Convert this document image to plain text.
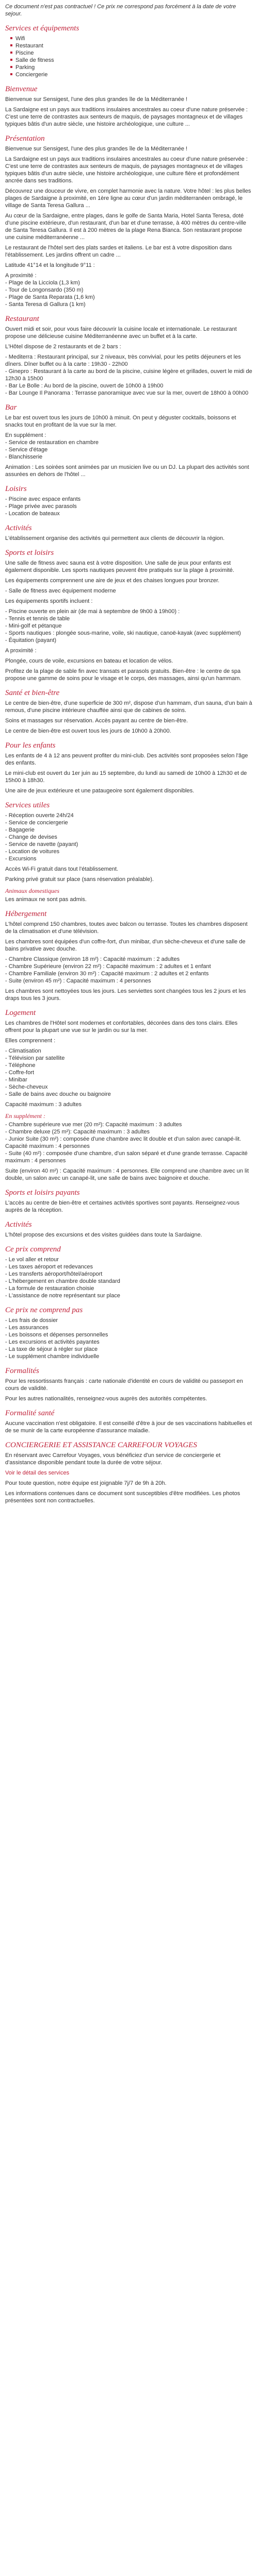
Ce document n'est pas contractuel ! Ce prix ne correspond pas forcément à la date de votre sejour.

Services et équipements
Wifi
Restaurant
Piscine
Salle de fitness
Parking
Conciergerie
Bienvenue

Bienvenue sur Sensigest, l'une des plus grandes île de la Méditerranée !

La Sardaigne est un pays aux traditions insulaires ancestrales au coeur d'une nature préservée : C'est une terre de contrastes aux senteurs de maquis, de paysages montagneux et de villages typiques bâtis d'un autre siècle, une histoire archéologique, une culture ...

Présentation

Bienvenue sur Sensigest, l'une des plus grandes île de la Méditerranée !

La Sardaigne est un pays aux traditions insulaires ancestrales au coeur d'une nature préservée : C'est une terre de contrastes aux senteurs de maquis, de paysages montagneux et de villages typiques bâtis d'un autre siècle, une histoire archéologique, une culture fière et profondément ancrée dans ses traditions.

Découvrez une douceur de vivre, en complet harmonie avec la nature. Votre hôtel : les plus belles plages de Sardaigne à proximité, en 1ère ligne au cœur d'un jardin méditerranéen ombragé, le village de Santa Teresa Gallura ...

Au cœur de la Sardaigne, entre plages, dans le golfe de Santa Maria, Hotel Santa Teresa, doté d'une piscine extérieure, d'un restaurant, d'un bar et d'une terrasse, à 400 mètres du centre-ville de Santa Teresa Gallura. Il est à 200 mètres de la plage Rena Bianca. Son restaurant propose une cuisine méditerranéenne ...

Le restaurant de l'hôtel sert des plats sardes et italiens. Le bar est à votre disposition dans l'établissement. Les jardins offrent un cadre ...

Latitude 41°14 et la longitude 9°11 :

A proximité :

- Plage de la Licciola (1,3 km)

- Tour de Longonsardo (350 m)

- Plage de Santa Reparata (1,6 km)

- Santa Teresa di Gallura (1 km)

Restaurant

Ouvert midi et soir, pour vous faire découvrir la cuisine locale et internationale. Le restaurant propose une délicieuse cuisine Méditerranéenne avec un buffet et à la carte.

L'Hôtel dispose de 2 restaurants et de 2 bars :

- Mediterra : Restaurant principal, sur 2 niveaux, très convivial, pour les petits déjeuners et les dîners. Dîner buffet ou à la carte : 19h30 - 22h00

- Ginepro : Restaurant à la carte au bord de la piscine, cuisine légère et grillades, ouvert le midi de 12h30 à 15h00

- Bar Le Bolle : Au bord de la piscine, ouvert de 10h00 à 19h00

- Bar Lounge Il Panorama : Terrasse panoramique avec vue sur la mer, ouvert de 18h00 à 00h00

Bar

Le bar est ouvert tous les jours de 10h00 à minuit. On peut y déguster cocktails, boissons et snacks tout en profitant de la vue sur la mer.

En supplément :

- Service de restauration en chambre

- Service d'étage

- Blanchisserie

Animation : Les soirées sont animées par un musicien live ou un DJ. La plupart des activités sont assurées en dehors de l'hôtel ...

Loisirs

- Piscine avec espace enfants

- Plage privée avec parasols

- Location de bateaux

Activités

L'établissement organise des activités qui permettent aux clients de découvrir la région.

Sports et loisirs

Une salle de fitness avec sauna est à votre disposition. Une salle de jeux pour enfants est également disponible. Les sports nautiques peuvent être pratiqués sur la plage à proximité.

Les équipements comprennent une aire de jeux et des chaises longues pour bronzer.

- Salle de fitness avec équipement moderne

Les équipements sportifs incluent :

- Piscine ouverte en plein air (de mai à septembre de 9h00 à 19h00) :

- Tennis et tennis de table

- Mini-golf et pétanque

- Sports nautiques : plongée sous-marine, voile, ski nautique, canoë-kayak (avec supplément)

- Équitation (payant)

A proximité :

Plongée, cours de voile, excursions en bateau et location de vélos.

Profitez de la plage de sable fin avec transats et parasols gratuits. Bien-être : le centre de spa propose une gamme de soins pour le visage et le corps, des massages, ainsi qu'un hammam.

Santé et bien-être

Le centre de bien-être, d'une superficie de 300 m², dispose d'un hammam, d'un sauna, d'un bain à remous, d'une piscine intérieure chauffée ainsi que de cabines de soins.

Soins et massages sur réservation. Accès payant au centre de bien-être.

Le centre de bien-être est ouvert tous les jours de 10h00 à 20h00.

Pour les enfants

Les enfants de 4 à 12 ans peuvent profiter du mini-club. Des activités sont proposées selon l'âge des enfants.

Le mini-club est ouvert du 1er juin au 15 septembre, du lundi au samedi de 10h00 à 12h30 et de 15h00 à 18h30.

Une aire de jeux extérieure et une pataugeoire sont également disponibles.

Services utiles

- Réception ouverte 24h/24

- Service de conciergerie

- Bagagerie

- Change de devises

- Service de navette (payant)

- Location de voitures

- Excursions

Accès Wi-Fi gratuit dans tout l'établissement.

Parking privé gratuit sur place (sans réservation préalable).

Animaux domestiques

Les animaux ne sont pas admis.

Hébergement

L'hôtel comprend 150 chambres, toutes avec balcon ou terrasse. Toutes les chambres disposent de la climatisation et d'une télévision.

Les chambres sont équipées d'un coffre-fort, d'un minibar, d'un sèche-cheveux et d'une salle de bains privative avec douche.

- Chambre Classique (environ 18 m²) : Capacité maximum : 2 adultes

- Chambre Supérieure (environ 22 m²) : Capacité maximum : 2 adultes et 1 enfant

- Chambre Familiale (environ 30 m²) : Capacité maximum : 2 adultes et 2 enfants

- Suite (environ 45 m²) : Capacité maximum : 4 personnes

Les chambres sont nettoyées tous les jours. Les serviettes sont changées tous les 2 jours et les draps tous les 3 jours.

Logement

Les chambres de l'Hôtel sont modernes et confortables, décorées dans des tons clairs. Elles offrent pour la plupart une vue sur le jardin ou sur la mer.

Elles comprennent :

- Climatisation

- Télévision par satellite

- Téléphone

- Coffre-fort

- Minibar

- Sèche-cheveux

- Salle de bains avec douche ou baignoire

Capacité maximum : 3 adultes

En supplément :

- Chambre supérieure vue mer (20 m²): Capacité maximum : 3 adultes

- Chambre deluxe (25 m²): Capacité maximum : 3 adultes

- Junior Suite (30 m²) : composée d'une chambre avec lit double et d'un salon avec canapé-lit. Capacité maximum : 4 personnes

- Suite (40 m²) : composée d'une chambre, d'un salon séparé et d'une grande terrasse. Capacité maximum : 4 personnes

Suite (environ 40 m²) : Capacité maximum : 4 personnes. Elle comprend une chambre avec un lit double, un salon avec un canapé-lit, une salle de bains avec baignoire et douche.

Sports et loisirs payants

L'accès au centre de bien-être et certaines activités sportives sont payants. Renseignez-vous auprès de la réception.

Activités

L'hôtel propose des excursions et des visites guidées dans toute la Sardaigne.

Ce prix comprend

- Le vol aller et retour

- Les taxes aéroport et redevances

- Les transferts aéroport/hôtel/aéroport

- L'hébergement en chambre double standard

- La formule de restauration choisie

- L'assistance de notre représentant sur place

Ce prix ne comprend pas

- Les frais de dossier

- Les assurances

- Les boissons et dépenses personnelles

- Les excursions et activités payantes

- La taxe de séjour à régler sur place

- Le supplément chambre individuelle

Formalités

Pour les ressortissants français : carte nationale d'identité en cours de validité ou passeport en cours de validité.

Pour les autres nationalités, renseignez-vous auprès des autorités compétentes.

Formalité santé

Aucune vaccination n'est obligatoire. Il est conseillé d'être à jour de ses vaccinations habituelles et de se munir de la carte européenne d'assurance maladie.

CONCIERGERIE ET ASSISTANCE CARREFOUR VOYAGES

En réservant avec Carrefour Voyages, vous bénéficiez d'un service de conciergerie et d'assistance disponible pendant toute la durée de votre séjour.

Voir le détail des services

Pour toute question, notre équipe est joignable 7j/7 de 9h à 20h.

Les informations contenues dans ce document sont susceptibles d'être modifiées. Les photos présentées sont non contractuelles.
